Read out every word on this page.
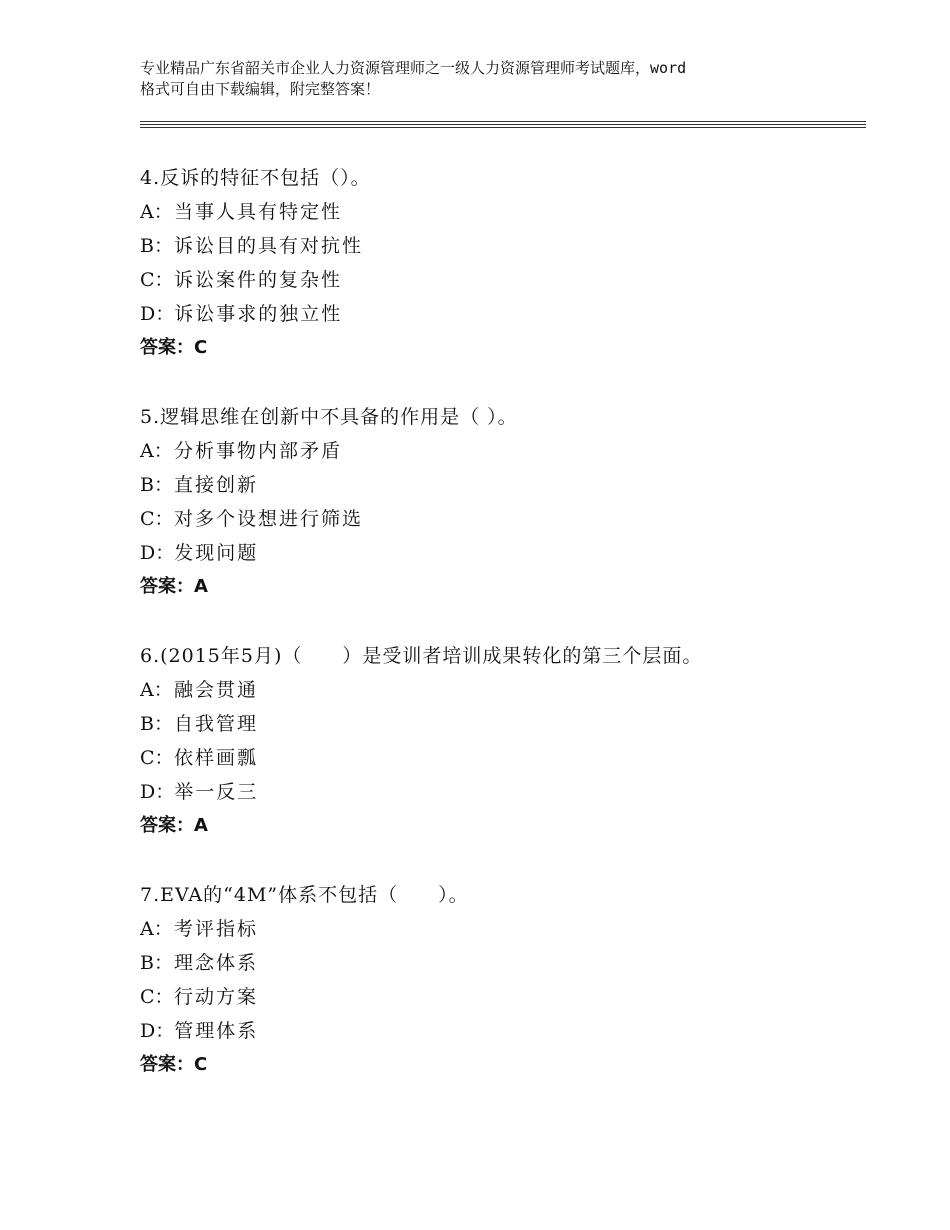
专业精品广东省韶关市企业人力资源管理师之一级人力资源管理师考试题库，word
格式可自由下载编辑，附完整答案！
4.反诉的特征不包括（）。
A：当事人具有特定性
B：诉讼目的具有对抗性
C：诉讼案件的复杂性
D：诉讼事求的独立性
答案：C
5.逻辑思维在创新中不具备的作用是（ ）。
A：分析事物内部矛盾
B：直接创新
C：对多个设想进行筛选
D：发现问题
答案：A
6.(2015年5月)（　　）是受训者培训成果转化的第三个层面。
A：融会贯通
B：自我管理
C：依样画瓢
D：举一反三
答案：A
7.EVA的“4M”体系不包括（　　）。
A：考评指标
B：理念体系
C：行动方案
D：管理体系
答案：C
